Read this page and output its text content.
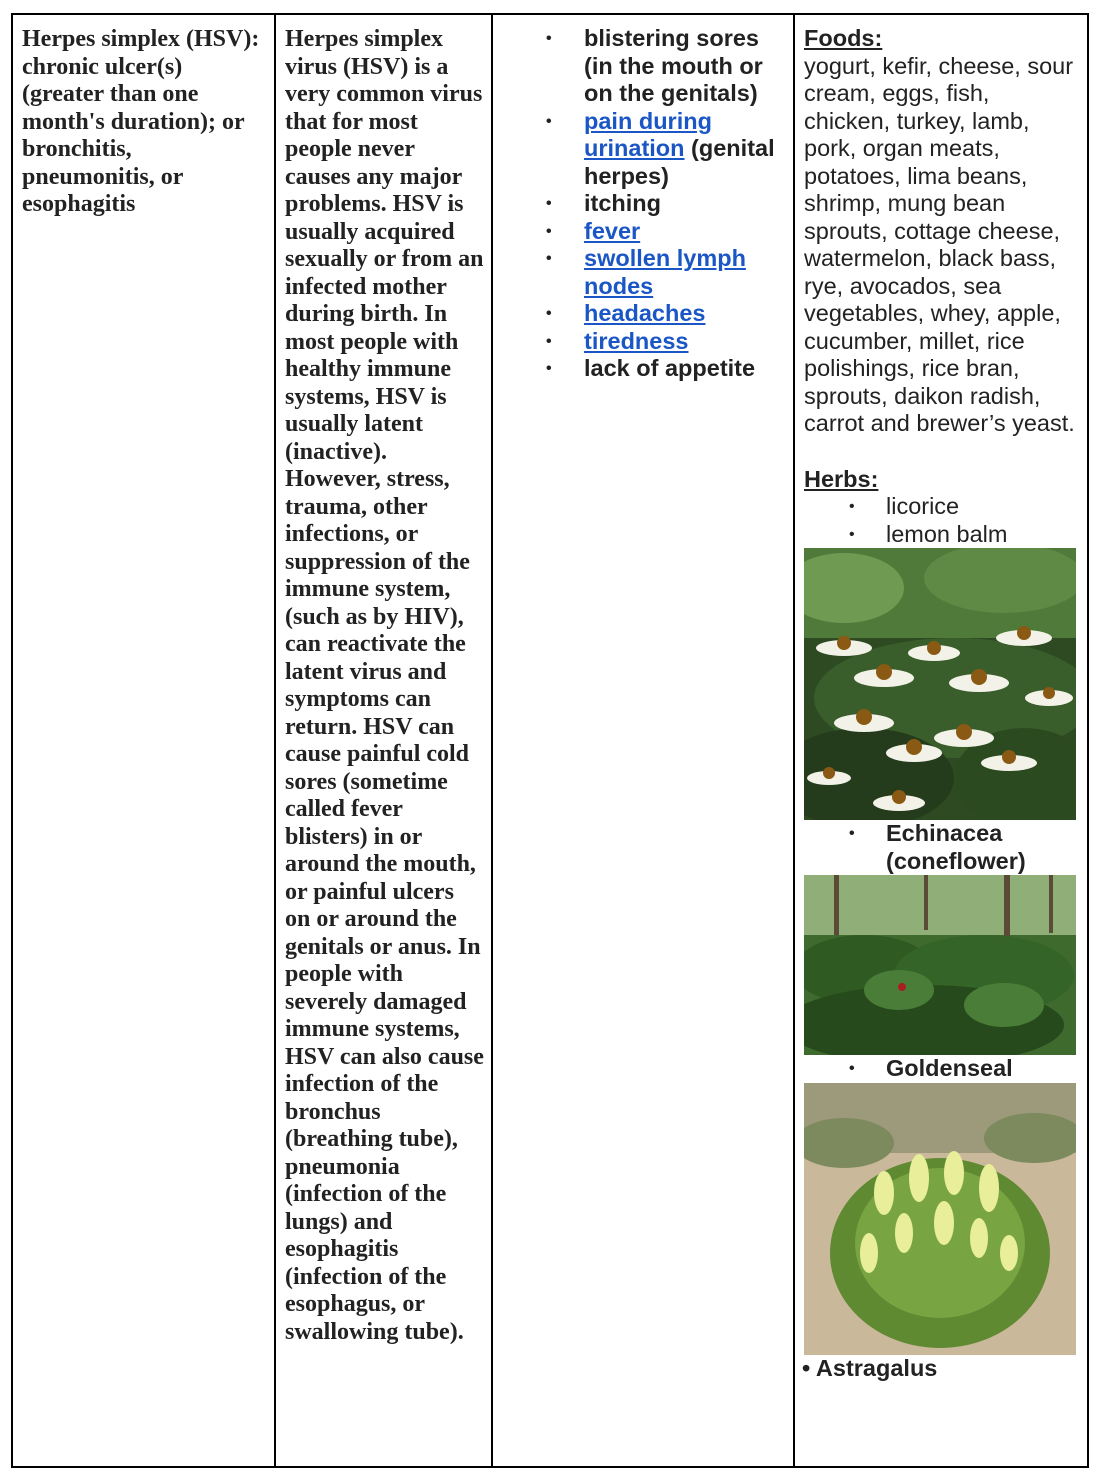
Herpes simplex (HSV): chronic ulcer(s) (greater than one month's duration); or bronchitis, pneumonitis, or esophagitis

Herpes simplex virus (HSV) is a very common virus that for most people never causes any major problems. HSV is usually acquired sexually or from an infected mother during birth. In most people with healthy immune systems, HSV is usually latent (inactive). However, stress, trauma, other infections, or suppression of the immune system, (such as by HIV), can reactivate the latent virus and symptoms can return. HSV can cause painful cold sores (sometime called fever blisters) in or around the mouth, or painful ulcers on or around the genitals or anus. In people with severely damaged immune systems, HSV can also cause infection of the bronchus (breathing tube), pneumonia (infection of the lungs) and esophagitis (infection of the esophagus, or swallowing tube).

• blistering sores (in the mouth or on the genitals)
• pain during urination (genital herpes)
• itching
• fever
• swollen lymph nodes
• headaches
• tiredness
• lack of appetite
Foods:

yogurt, kefir, cheese, sour cream, eggs, fish, chicken, turkey, lamb, pork, organ meats, potatoes, lima beans, shrimp, mung bean sprouts, cottage cheese, watermelon, black bass, rye, avocados, sea vegetables, whey, apple, cucumber, millet, rice polishings, rice bran, sprouts, daikon radish, carrot and brewer’s yeast.

Herbs:
• licorice
• lemon balm
• Echinacea (coneflower)
• Goldenseal

• Astragalus
